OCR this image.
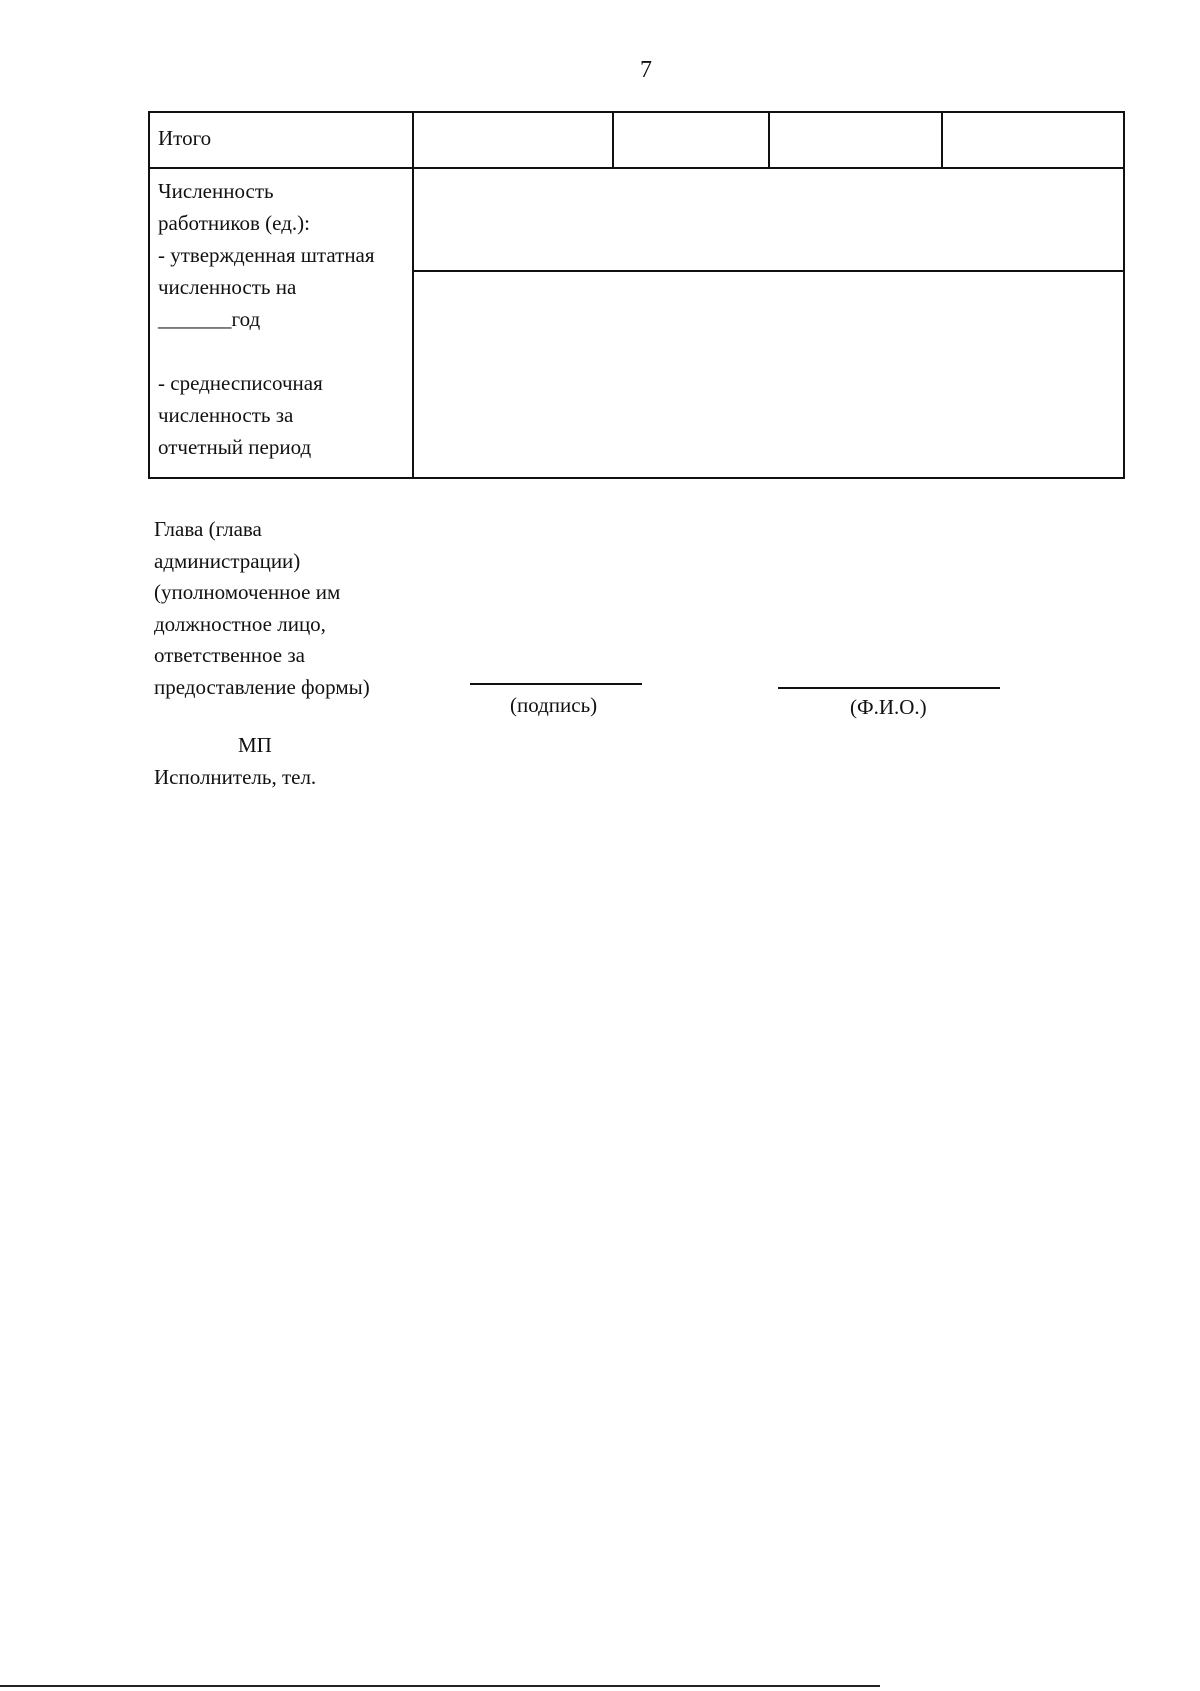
7
Итого
Численность
работников (ед.):
- утвержденная штатная
численность на
_______год

- среднесписочная
численность за
отчетный период
Глава (глава
администрации)
(уполномоченное им
должностное лицо,
ответственное за
предоставление формы)
(подпись)	(Ф.И.О.)
МП
Исполнитель, тел.
